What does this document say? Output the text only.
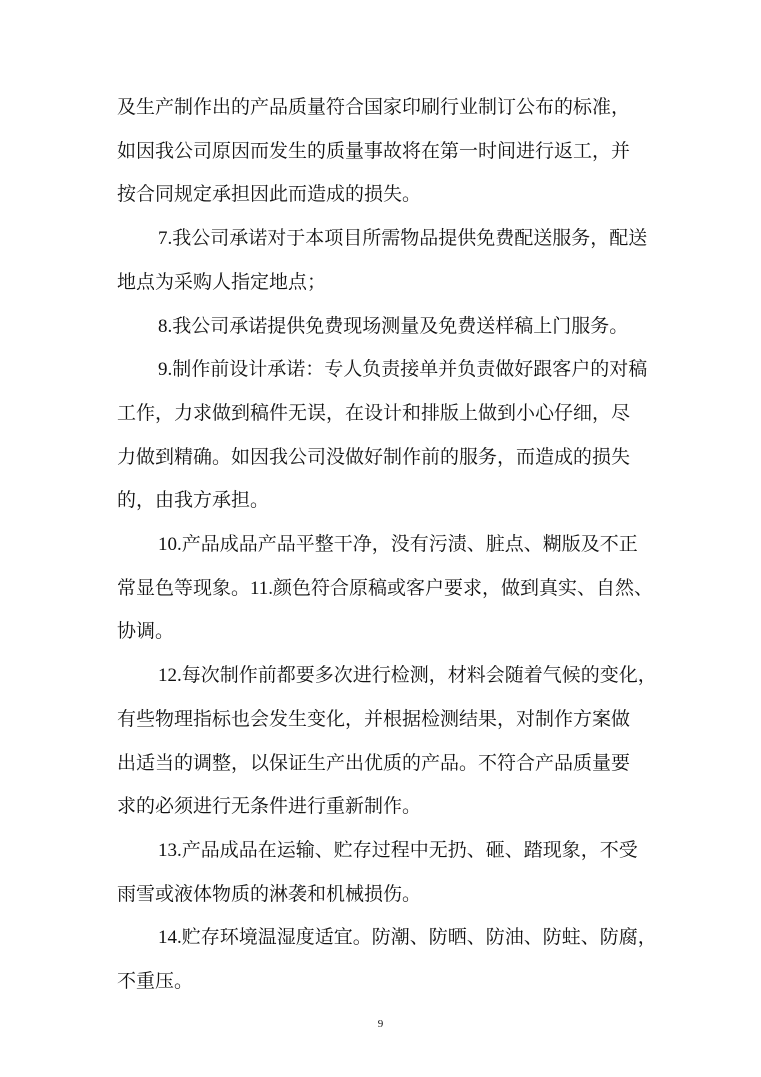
及生产制作出的产品质量符合国家印刷行业制订公布的标准，
如因我公司原因而发生的质量事故将在第一时间进行返工，并
按合同规定承担因此而造成的损失。
7.我公司承诺对于本项目所需物品提供免费配送服务，配送
地点为采购人指定地点；
8.我公司承诺提供免费现场测量及免费送样稿上门服务。
9.制作前设计承诺：专人负责接单并负责做好跟客户的对稿
工作，力求做到稿件无误，在设计和排版上做到小心仔细，尽
力做到精确。如因我公司没做好制作前的服务，而造成的损失
的，由我方承担。
10.产品成品产品平整干净，没有污渍、脏点、糊版及不正
常显色等现象。11.颜色符合原稿或客户要求，做到真实、自然、
协调。
12.每次制作前都要多次进行检测，材料会随着气候的变化，
有些物理指标也会发生变化，并根据检测结果，对制作方案做
出适当的调整，以保证生产出优质的产品。不符合产品质量要
求的必须进行无条件进行重新制作。
13.产品成品在运输、贮存过程中无扔、砸、踏现象，不受
雨雪或液体物质的淋袭和机械损伤。
14.贮存环境温湿度适宜。防潮、防晒、防油、防蛀、防腐，
不重压。
9
